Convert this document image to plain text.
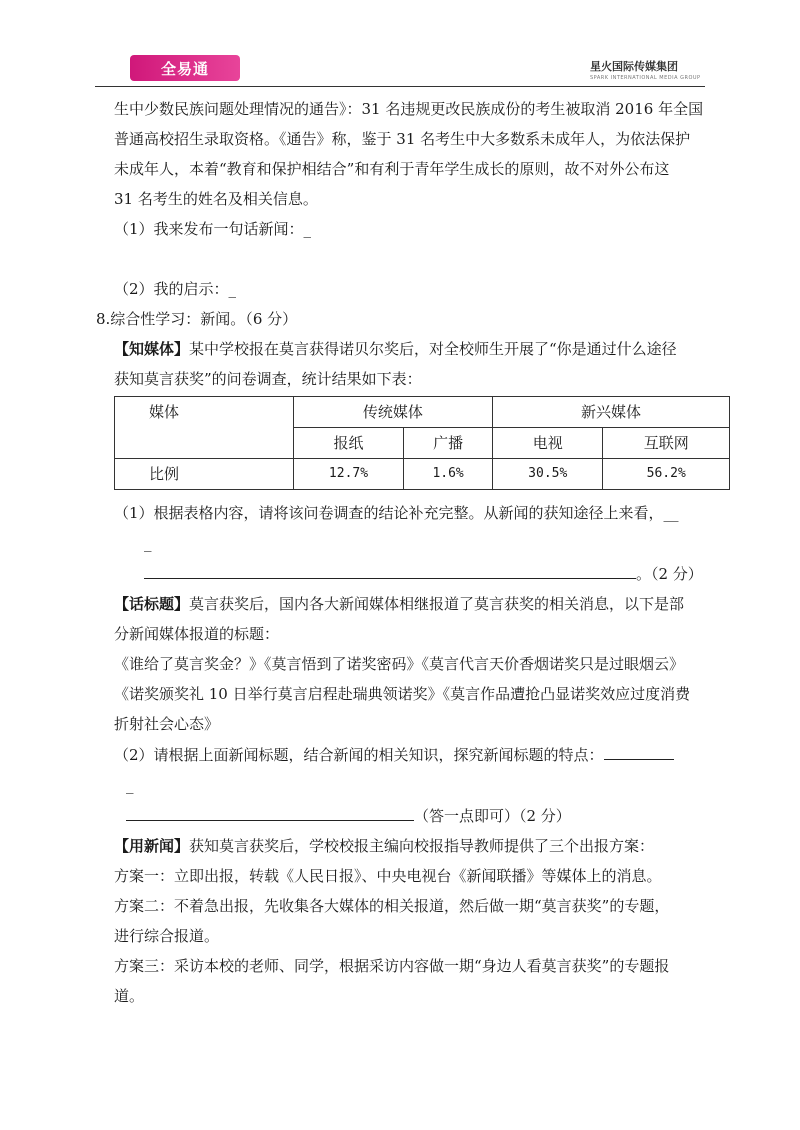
全易通	星火国际传媒集团
SPARK INTERNATIONAL MEDIA GROUP

生中少数民族问题处理情况的通告》：31 名违规更改民族成份的考生被取消 2016 年全国

普通高校招生录取资格。《通告》称，鉴于 31 名考生中大多数系未成年人，为依法保护

未成年人，本着“教育和保护相结合”和有利于青年学生成长的原则，故不对外公布这

31 名考生的姓名及相关信息。

（1）我来发布一句话新闻：_

（2）我的启示：_

8.综合性学习：新闻。（6 分）

【知媒体】某中学校报在莫言获得诺贝尔奖后，对全校师生开展了“你是通过什么途径

获知莫言获奖”的问卷调查，统计结果如下表：

媒体	传统媒体		新兴媒体	
	报纸	广播	电视	互联网
比例	12.7%	1.6%	30.5%	56.2%

（1）根据表格内容，请将该问卷调查的结论补充完整。从新闻的获知途径上来看，__

_

。（2 分）

【话标题】莫言获奖后，国内各大新闻媒体相继报道了莫言获奖的相关消息，以下是部

分新闻媒体报道的标题：

《谁给了莫言奖金？》《莫言悟到了诺奖密码》《莫言代言天价香烟诺奖只是过眼烟云》

《诺奖颁奖礼 10 日举行莫言启程赴瑞典领诺奖》《莫言作品遭抢凸显诺奖效应过度消费

折射社会心态》

（2）请根据上面新闻标题，结合新闻的相关知识，探究新闻标题的特点：

_

（答一点即可）（2 分）

【用新闻】获知莫言获奖后，学校校报主编向校报指导教师提供了三个出报方案：

方案一：立即出报，转载《人民日报》、中央电视台《新闻联播》等媒体上的消息。

方案二：不着急出报，先收集各大媒体的相关报道，然后做一期“莫言获奖”的专题，

进行综合报道。

方案三：采访本校的老师、同学，根据采访内容做一期“身边人看莫言获奖”的专题报

道。
